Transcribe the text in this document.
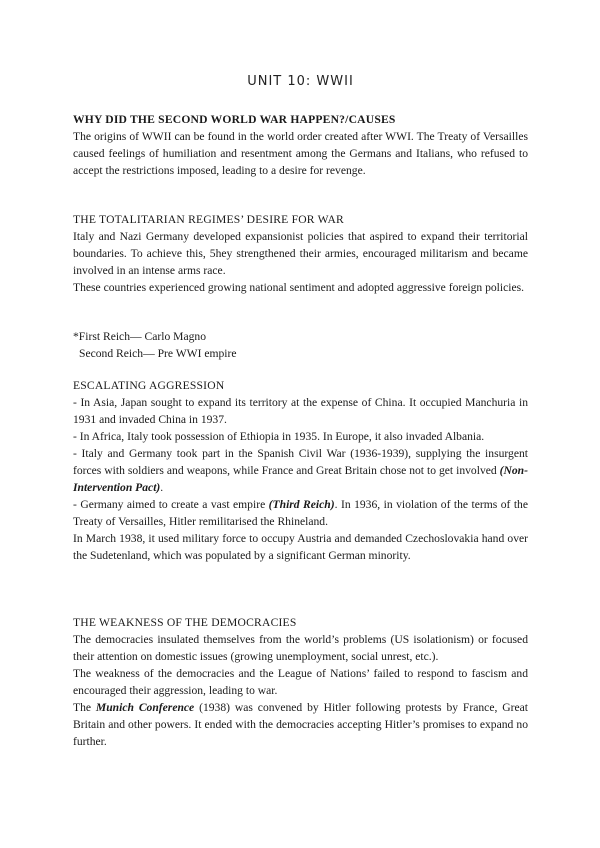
UNIT 10: WWII

WHY DID THE SECOND WORLD WAR HAPPEN?/CAUSES

The origins of WWII can be found in the world order created after WWI. The Treaty of Versailles caused feelings of humiliation and resentment among the Germans and Italians, who refused to accept the restrictions imposed, leading to a desire for revenge.

THE TOTALITARIAN REGIMES’ DESIRE FOR WAR

Italy and Nazi Germany developed expansionist policies that aspired to expand their territorial boundaries. To achieve this, 5hey strengthened their armies, encouraged militarism and became involved in an intense arms race.

These countries experienced growing national sentiment and adopted aggressive foreign policies.

*First Reich— Carlo Magno

Second Reich— Pre WWI empire

ESCALATING AGGRESSION

- In Asia, Japan sought to expand its territory at the expense of China. It occupied Manchuria in 1931 and invaded China in 1937.

- In Africa, Italy took possession of Ethiopia in 1935. In Europe, it also invaded Albania.

- Italy and Germany took part in the Spanish Civil War (1936-1939), supplying the insurgent forces with soldiers and weapons, while France and Great Britain chose not to get involved (Non-Intervention Pact).

- Germany aimed to create a vast empire (Third Reich). In 1936, in violation of the terms of the Treaty of Versailles, Hitler remilitarised the Rhineland.

In March 1938, it used military force to occupy Austria and demanded Czechoslovakia hand over the Sudetenland, which was populated by a significant German minority.

THE WEAKNESS OF THE DEMOCRACIES

The democracies insulated themselves from the world’s problems (US isolationism) or focused their attention on domestic issues (growing unemployment, social unrest, etc.).

The weakness of the democracies and the League of Nations’ failed to respond to fascism and encouraged their aggression, leading to war.

The Munich Conference (1938) was convened by Hitler following protests by France, Great Britain and other powers. It ended with the democracies accepting Hitler’s promises to expand no further.
